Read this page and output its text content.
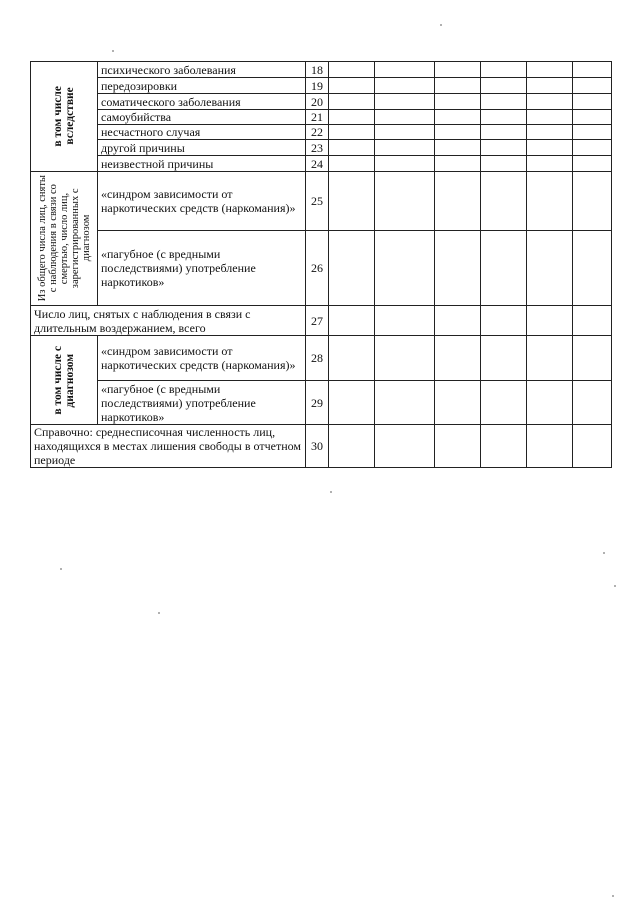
в том числе
вследствие	психического заболевания	18						
	передозировки	19						
	соматического заболевания	20						
	самоубийства	21						
	несчастного случая	22						
	другой причины	23						
	неизвестной причины	24						

Из общего числа лиц, сняты
с наблюдения в связи со
смертью, число лиц,
зарегистрированных с
диагнозом	«синдром зависимости от наркотических средств (наркомания)»	25						
	«пагубное (с вредными последствиями) употребление наркотиков»	26						
Число лиц, снятых с наблюдения в связи с длительным воздержанием, всего		27						

в том числе с
диагнозом	«синдром зависимости от наркотических средств (наркомания)»	28						
	«пагубное (с вредными последствиями) употребление наркотиков»	29						
Справочно: среднесписочная численность лиц, находящихся в местах лишения свободы в отчетном периоде		30						
